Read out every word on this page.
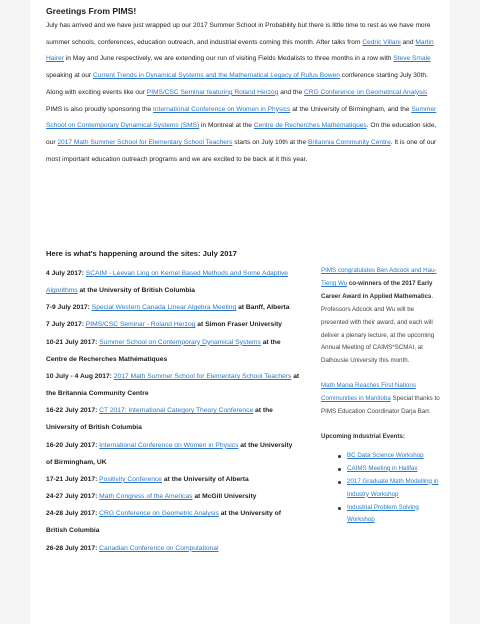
Greetings From PIMS!

July has arrived and we have just wrapped up our 2017 Summer School in Probability but there is little time to rest as we have more summer schools, conferences, education outreach, and industrial events coming this month. After talks from Cedric Villani and Martin Hairer in May and June respectively, we are extending our run of visiting Fields Medalists to three months in a row with Steve Smale speaking at our Current Trends in Dynamical Systems and the Mathematical Legacy of Rufus Bowen conference starting July 30th. Along with exciting events like our PIMS/CSC Seminar featuring Roland Herzog and the CRG Conference on Geometrical Analysis PIMS is also proudly sponsoring the International Conference on Women in Physics at the University of Birmingham, and the Summer School on Contemporary Dynamical Systems (SMS) in Montreal at the Centre de Recherches Mathématiques. On the education side, our 2017 Math Summer School for Elementary School Teachers starts on July 10th at the Britannia Community Centre. It is one of our most important education outreach programs and we are excited to be back at it this year.

Here is what's happening around the sites: July 2017

4 July 2017: SCAIM - Leevan Ling on Kernel Based Methods and Some Adaptive Algorithms at the University of British Columbia
7-9 July 2017: Special Western Canada Linear Algebra Meeting at Banff, Alberta
7 July 2017: PIMS/CSC Seminar - Roland Herzog at Simon Fraser University
10-21 July 2017: Summer School on Contemporary Dynamical Systems at the Centre de Recherches Mathématiques
10 July - 4 Aug 2017: 2017 Math Summer School for Elementary School Teachers at the Britannia Community Centre
16-22 July 2017: CT 2017: International Category Theory Conference at the University of British Columbia
16-20 July 2017: International Conference on Women in Physics at the University of Birmingham, UK
17-21 July 2017: Positivity Conference at the University of Alberta
24-27 July 2017: Math Congress of the Americas at McGill University
24-28 July 2017: CRG Conference on Geometric Analysis at the University of British Columbia
26-28 July 2017: Canadian Conference on Computational

PIMS congratulates Ben Adcock and Hau-Tieng Wu co-winners of the 2017 Early Career Award in Applied Mathematics. Professors Adcock and Wu will be presented with their award, and each will deliver a plenary lecture, at the upcoming Annual Meeting of CAIMS*SCMAI, at Dalhousie University this month.

Math Mania Reaches First Nations Communities in Manitoba Special thanks to PIMS Education Coordinator Darja Barr.

Upcoming Industrial Events:

BC Data Science Workshop
CAIMS Meeting in Halifax
2017 Graduate Math Modelling in Industry Workshop
Industrial Problem Solving Workshop
